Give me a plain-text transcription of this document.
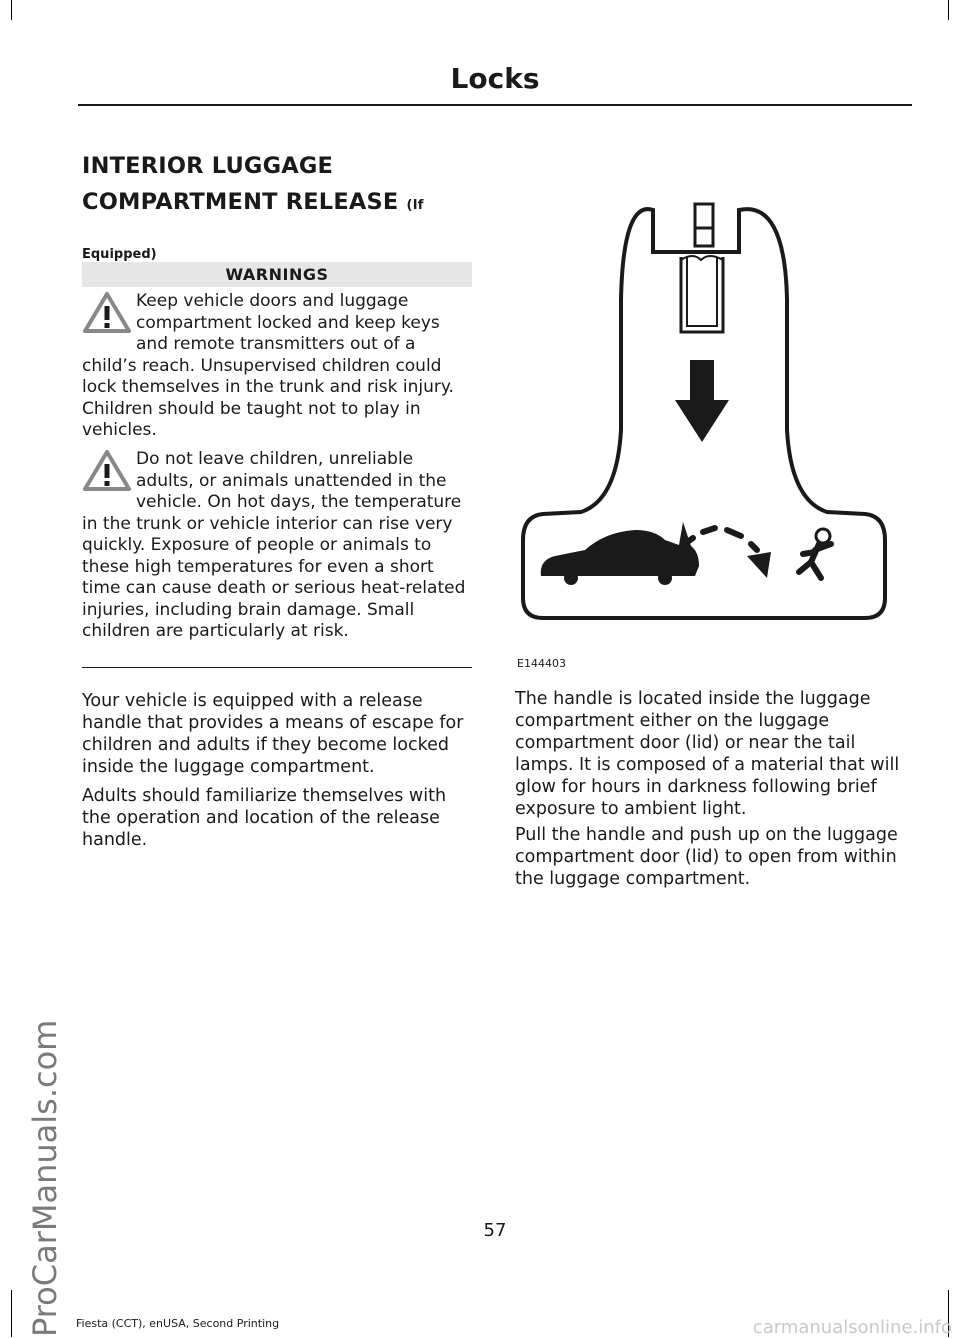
Locks
ProCarManuals.com
INTERIOR LUGGAGE
COMPARTMENT RELEASE (If
Equipped)
WARNINGS
Keep vehicle doors and luggage compartment locked and keep keys and remote transmitters out of a child’s reach. Unsupervised children could lock themselves in the trunk and risk injury. Children should be taught not to play in vehicles.
Do not leave children, unreliable adults, or animals unattended in the vehicle. On hot days, the temperature in the trunk or vehicle interior can rise very quickly. Exposure of people or animals to these high temperatures for even a short time can cause death or serious heat-related injuries, including brain damage. Small children are particularly at risk.
Your vehicle is equipped with a release handle that provides a means of escape for children and adults if they become locked inside the luggage compartment.
Adults should familiarize themselves with the operation and location of the release handle.
E144403
The handle is located inside the luggage compartment either on the luggage compartment door (lid) or near the tail lamps. It is composed of a material that will glow for hours in darkness following brief exposure to ambient light.
Pull the handle and push up on the luggage compartment door (lid) to open from within the luggage compartment.
57
Fiesta (CCT), enUSA, Second Printing	carmanualsonline.info
